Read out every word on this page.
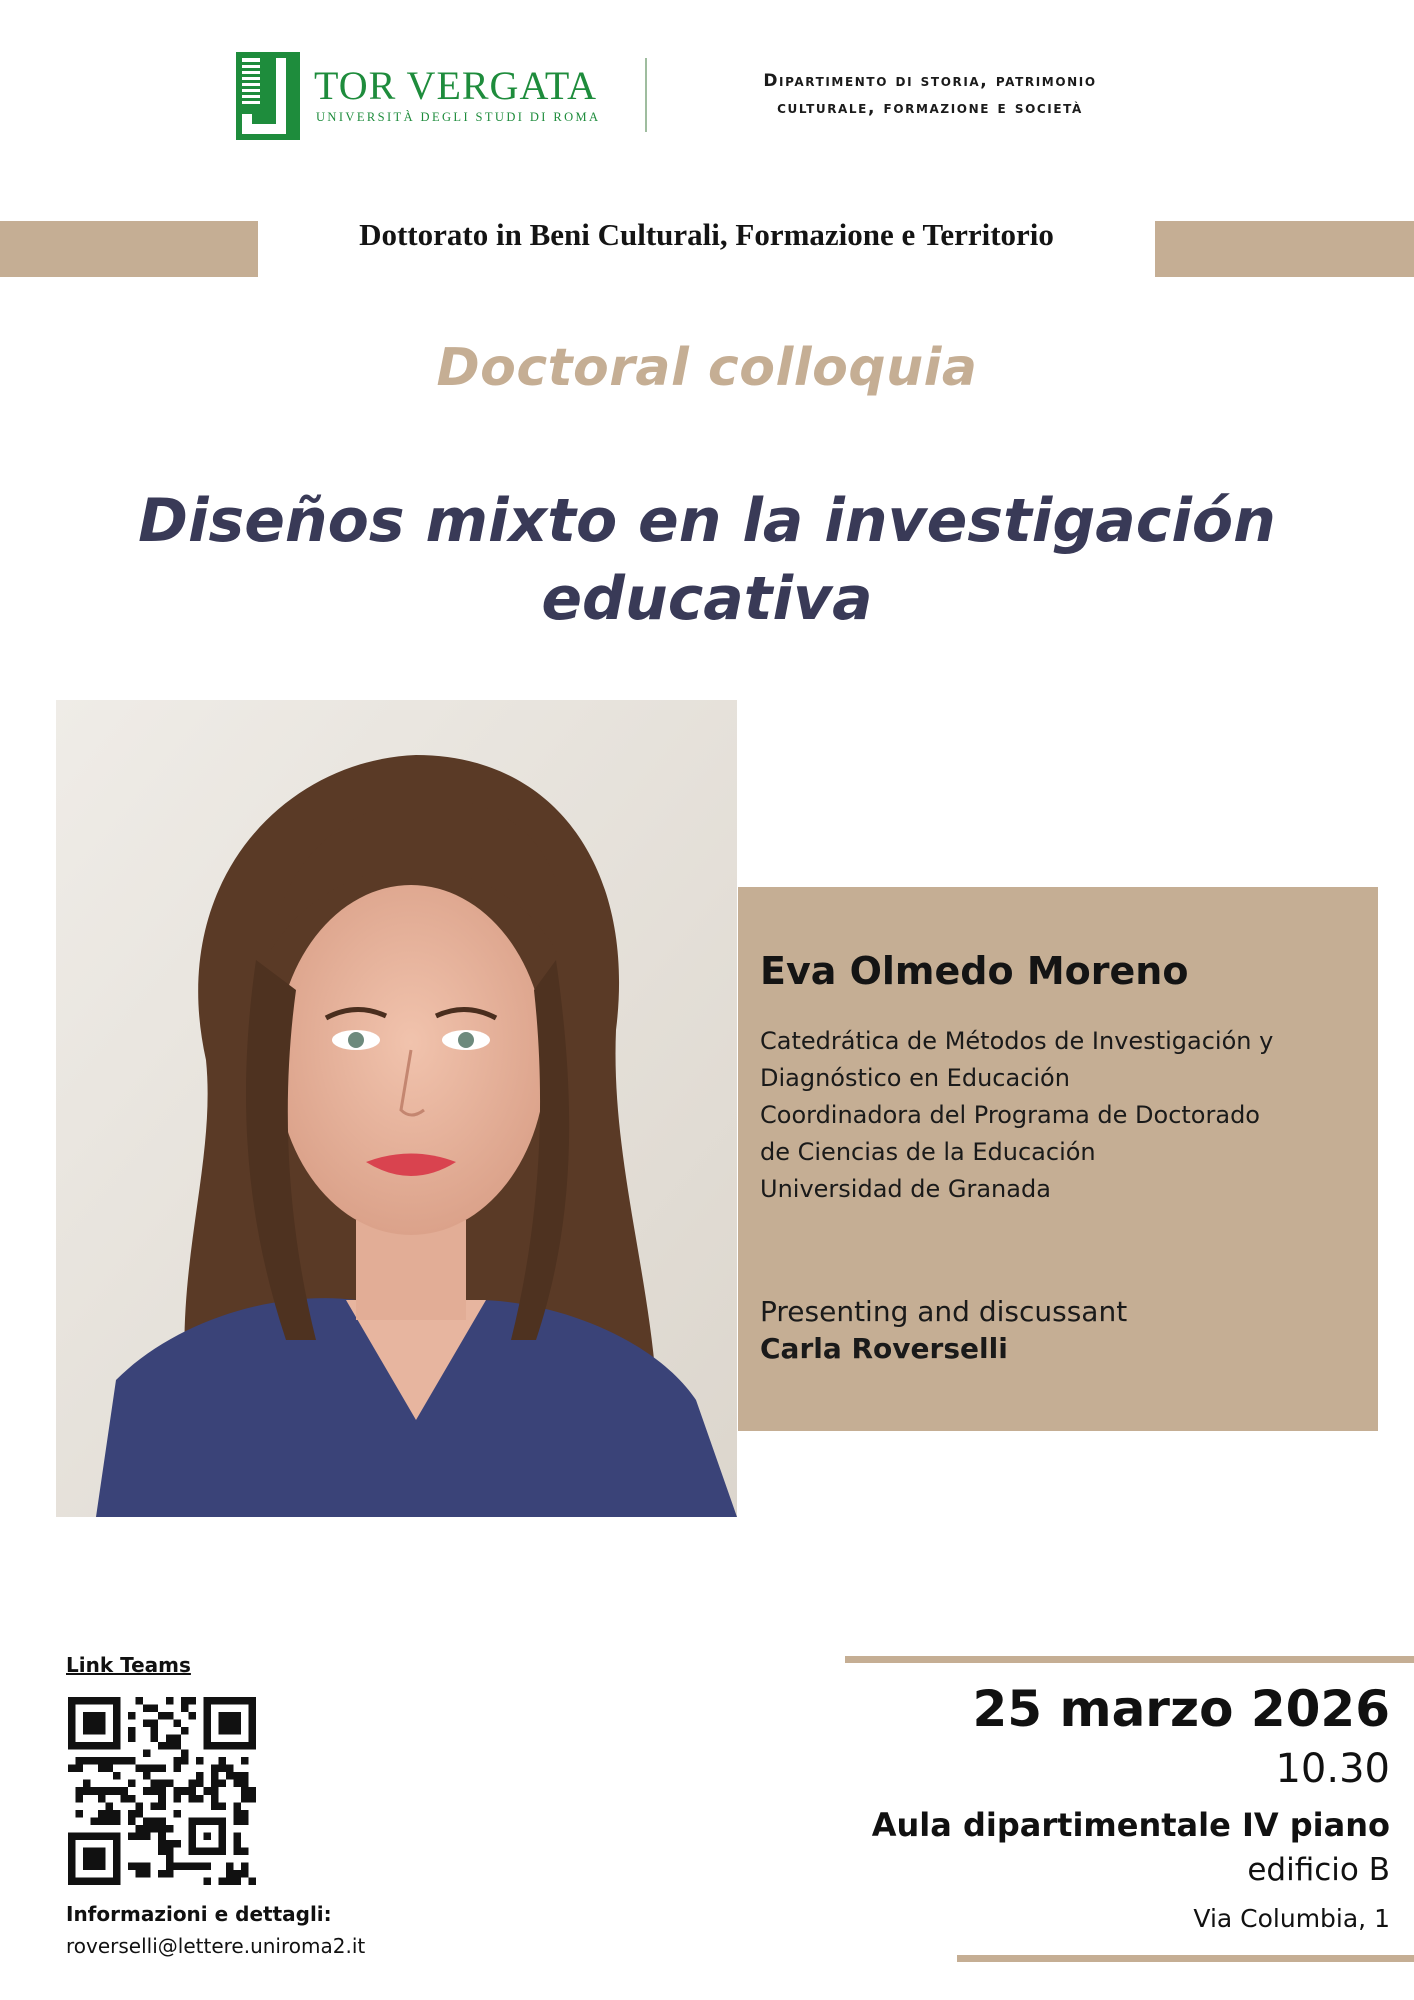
TOR VERGATA
UNIVERSITÀ DEGLI STUDI DI ROMA
Dipartimento di storia, patrimonio
culturale, formazione e società
Dottorato in Beni Culturali, Formazione e Territorio
Doctoral colloquia
Diseños mixto en la investigación
educativa
Eva Olmedo Moreno
Catedrática de Métodos de Investigación y
Diagnóstico en Educación
Coordinadora del Programa de Doctorado
de Ciencias de la Educación
Universidad de Granada
Presenting and discussant
Carla Roverselli
Link Teams
Informazioni e dettagli:
roverselli@lettere.uniroma2.it
25 marzo 2026
10.30
Aula dipartimentale IV piano
edificio B
Via Columbia, 1
